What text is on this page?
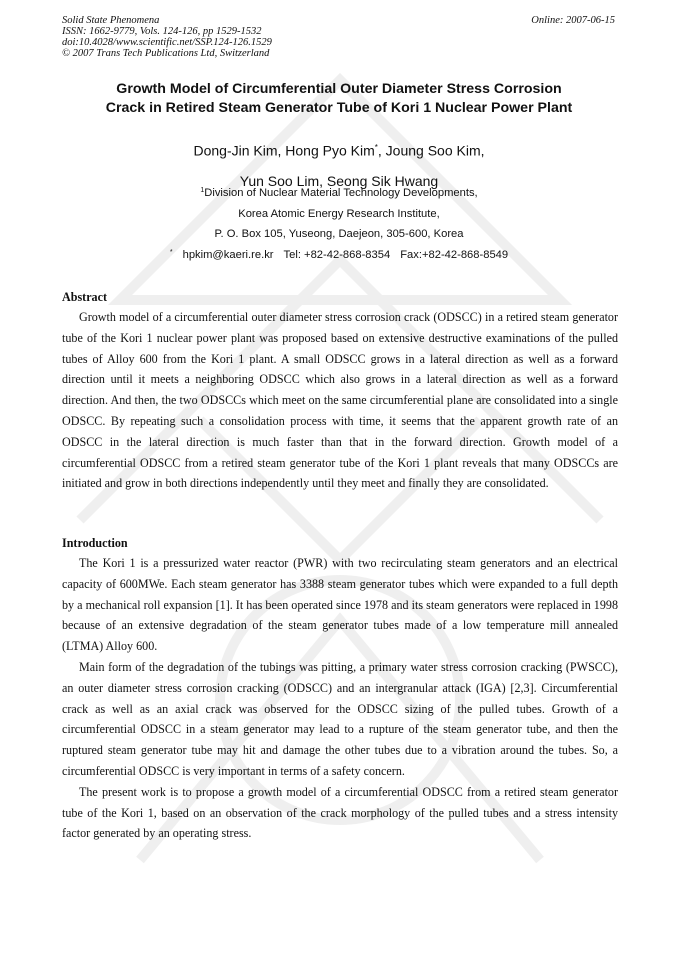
Solid State Phenomena
ISSN: 1662-9779, Vols. 124-126, pp 1529-1532
doi:10.4028/www.scientific.net/SSP.124-126.1529
© 2007 Trans Tech Publications Ltd, Switzerland
Online: 2007-06-15
Growth Model of Circumferential Outer Diameter Stress Corrosion
Crack in Retired Steam Generator Tube of Kori 1 Nuclear Power Plant
Dong-Jin Kim, Hong Pyo Kim*, Joung Soo Kim,
Yun Soo Lim, Seong Sik Hwang
$^1$Division of Nuclear Material Technology Developments,
Korea Atomic Energy Research Institute,
P. O. Box 105, Yuseong, Daejeon, 305-600, Korea
* hpkim@kaeri.re.kr Tel: +82-42-868-8354 Fax:+82-42-868-8549
Abstract

Growth model of a circumferential outer diameter stress corrosion crack (ODSCC) in a retired steam generator tube of the Kori 1 nuclear power plant was proposed based on extensive destructive examinations of the pulled tubes of Alloy 600 from the Kori 1 plant. A small ODSCC grows in a lateral direction as well as a forward direction until it meets a neighboring ODSCC which also grows in a lateral direction as well as a forward direction. And then, the two ODSCCs which meet on the same circumferential plane are consolidated into a single ODSCC. By repeating such a consolidation process with time, it seems that the apparent growth rate of an ODSCC in the lateral direction is much faster than that in the forward direction. Growth model of a circumferential ODSCC from a retired steam generator tube of the Kori 1 plant reveals that many ODSCCs are initiated and grow in both directions independently until they meet and finally they are consolidated.

Introduction

The Kori 1 is a pressurized water reactor (PWR) with two recirculating steam generators and an electrical capacity of 600MWe. Each steam generator has 3388 steam generator tubes which were expanded to a full depth by a mechanical roll expansion [1]. It has been operated since 1978 and its steam generators were replaced in 1998 because of an extensive degradation of the steam generator tubes made of a low temperature mill annealed (LTMA) Alloy 600.

Main form of the degradation of the tubings was pitting, a primary water stress corrosion cracking (PWSCC), an outer diameter stress corrosion cracking (ODSCC) and an intergranular attack (IGA) [2,3]. Circumferential crack as well as an axial crack was observed for the ODSCC sizing of the pulled tubes. Growth of a circumferential ODSCC in a steam generator may lead to a rupture of the steam generator tube, and then the ruptured steam generator tube may hit and damage the other tubes due to a vibration around the tubes. So, a circumferential ODSCC is very important in terms of a safety concern.

The present work is to propose a growth model of a circumferential ODSCC from a retired steam generator tube of the Kori 1, based on an observation of the crack morphology of the pulled tubes and a stress intensity factor generated by an operating stress.
